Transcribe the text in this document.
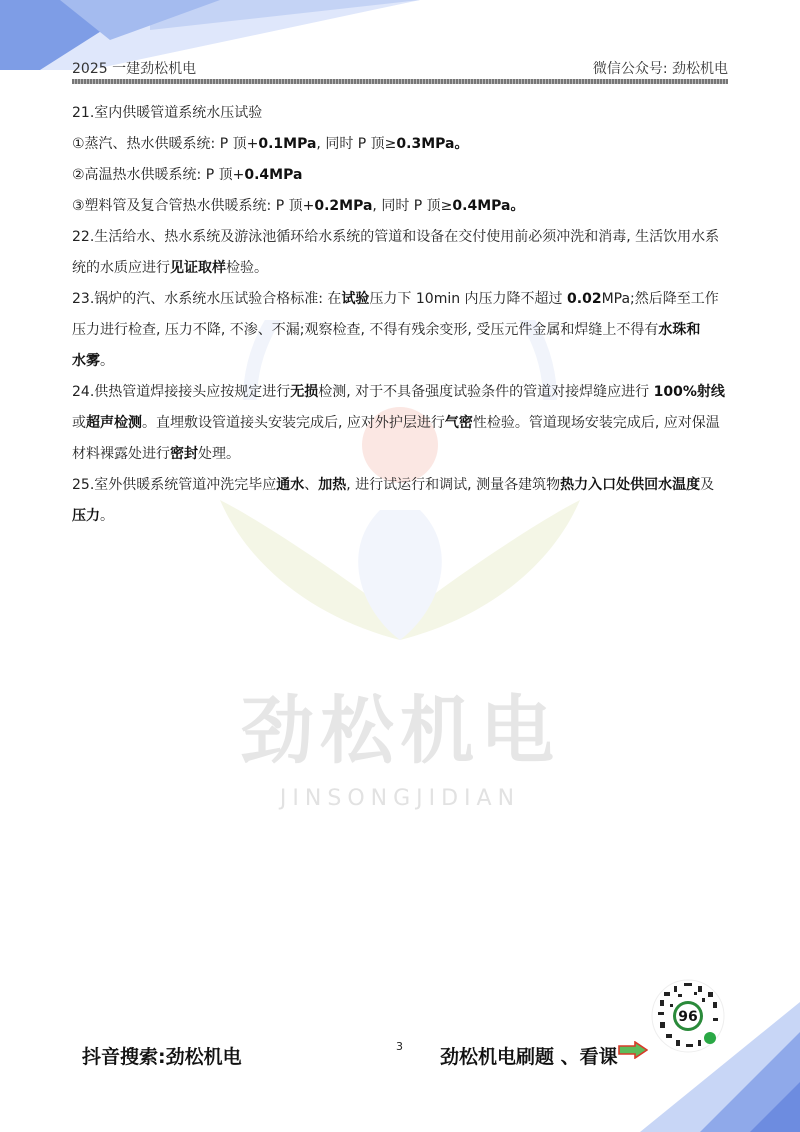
2025 一建劲松机电	微信公众号: 劲松机电
劲松机电
JINSONGJIDIAN

21.室内供暖管道系统水压试验

①蒸汽、热水供暖系统: P 顶+0.1MPa, 同时 P 顶≥0.3MPa。

②高温热水供暖系统: P 顶+0.4MPa

③塑料管及复合管热水供暖系统: P 顶+0.2MPa, 同时 P 顶≥0.4MPa。

22.生活给水、热水系统及游泳池循环给水系统的管道和设备在交付使用前必须冲洗和消毒, 生活饮用水系统的水质应进行见证取样检验。

23.锅炉的汽、水系统水压试验合格标准: 在试验压力下 10min 内压力降不超过 0.02MPa;然后降至工作压力进行检查, 压力不降, 不渗、不漏;观察检查, 不得有残余变形, 受压元件金属和焊缝上不得有水珠和

水雾。

24.供热管道焊接接头应按规定进行无损检测, 对于不具备强度试验条件的管道对接焊缝应进行 100%射线或超声检测。直埋敷设管道接头安装完成后, 应对外护层进行气密性检验。管道现场安装完成后, 应对保温材料裸露处进行密封处理。

25.室外供暖系统管道冲洗完毕应通水、加热, 进行试运行和调试, 测量各建筑物热力入口处供回水温度及压力。

抖音搜索:劲松机电	3 劲松机电刷题 、看课
96
